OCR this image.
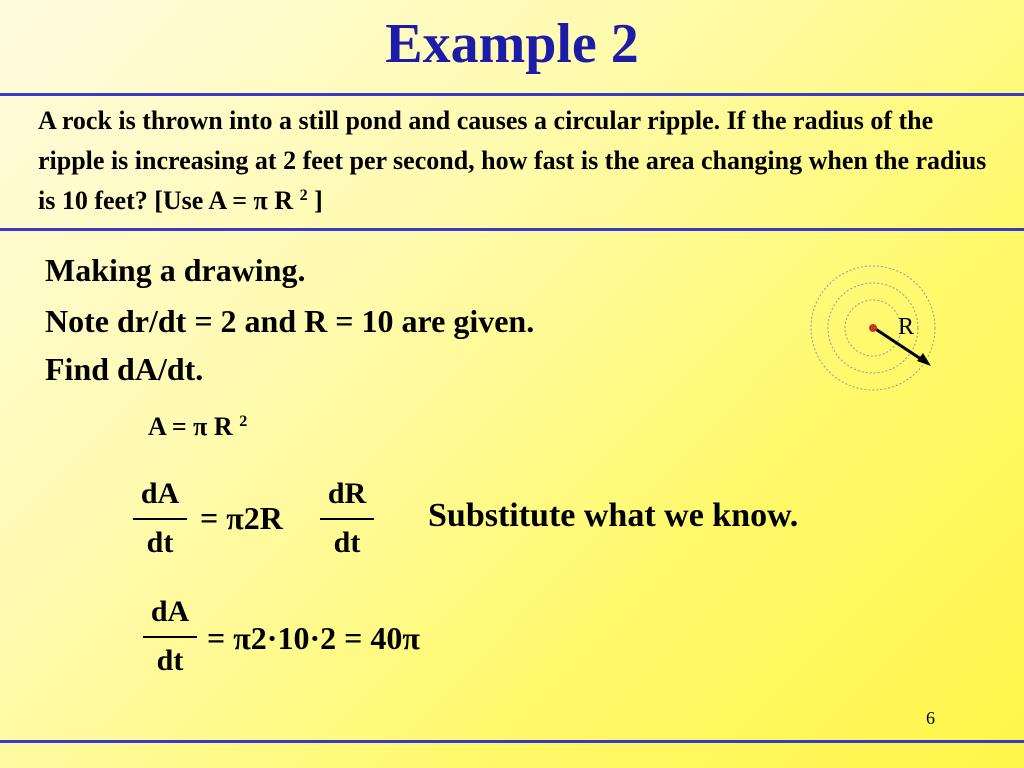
Example 2
A rock is thrown into a still pond and causes a circular ripple. If the radius of the ripple is increasing at 2 feet per second, how fast is the area changing when the radius is 10 feet? [Use A = π R $^2$ ]
Making a drawing.
Note dr/dt = 2 and R = 10 are given.
Find dA/dt.
R
A = π R $^2$
dA
dt
= π2R
dR
dt
Substitute what we know.
dA
dt
= π2·10·2 = 40π
6
